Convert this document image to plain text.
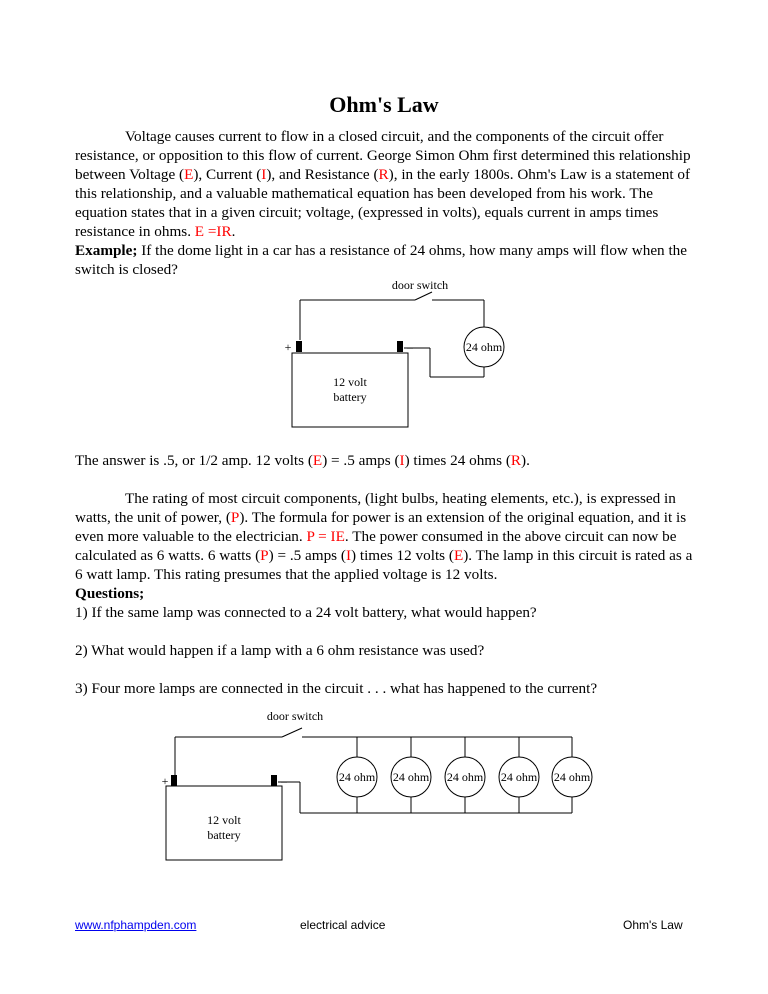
Ohm's Law

Voltage causes current to flow in a closed circuit, and the components of the circuit offer resistance, or opposition to this flow of current. George Simon Ohm first determined this relationship between Voltage (E), Current (I), and Resistance (R), in the early 1800s. Ohm's Law is a statement of this relationship, and a valuable mathematical equation has been developed from his work. The equation states that in a given circuit; voltage, (expressed in volts), equals current in amps times resistance in ohms. E =IR.

Example; If the dome light in a car has a resistance of 24 ohms, how many amps will flow when the switch is closed?

door switch
+	–	24 ohm
12 volt
battery

The answer is .5, or 1/2 amp. 12 volts (E) = .5 amps (I) times 24 ohms (R).

The rating of most circuit components, (light bulbs, heating elements, etc.), is expressed in watts, the unit of power, (P). The formula for power is an extension of the original equation, and it is even more valuable to the electrician. P = IE. The power consumed in the above circuit can now be calculated as 6 watts. 6 watts (P) = .5 amps (I) times 12 volts (E). The lamp in this circuit is rated as a 6 watt lamp. This rating presumes that the applied voltage is 12 volts.

Questions;

1) If the same lamp was connected to a 24 volt battery, what would happen?

2) What would happen if a lamp with a 6 ohm resistance was used?

3) Four more lamps are connected in the circuit . . . what has happened to the current?

door switch
+	–	24 ohm 24 ohm 24 ohm 24 ohm 24 ohm
12 volt
battery
www.nfphampden.com	electrical advice	Ohm's Law
